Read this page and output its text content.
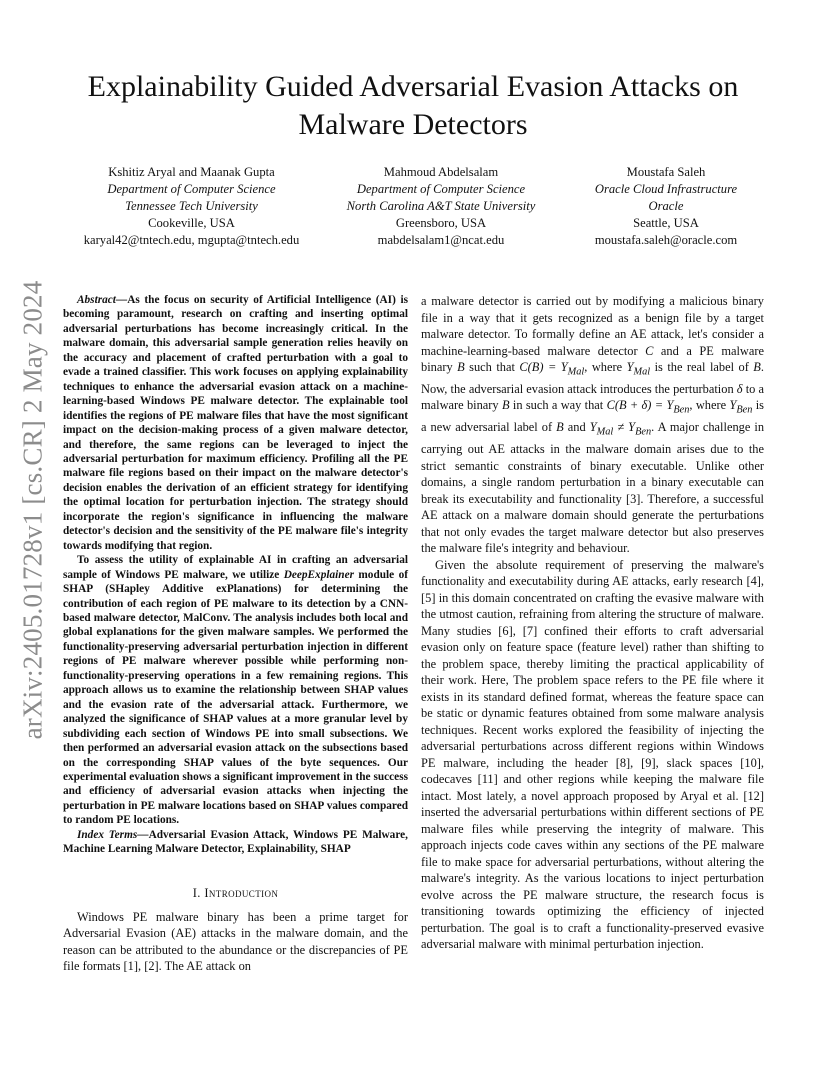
arXiv:2405.01728v1 [cs.CR] 2 May 2024
Explainability Guided Adversarial Evasion Attacks on Malware Detectors
Kshitiz Aryal and Maanak Gupta
Department of Computer Science
Tennessee Tech University
Cookeville, USA
karyal42@tntech.edu, mgupta@tntech.edu
Mahmoud Abdelsalam
Department of Computer Science
North Carolina A&T State University
Greensboro, USA
mabdelsalam1@ncat.edu
Moustafa Saleh
Oracle Cloud Infrastructure
Oracle
Seattle, USA
moustafa.saleh@oracle.com

Abstract—As the focus on security of Artificial Intelligence (AI) is becoming paramount, research on crafting and inserting optimal adversarial perturbations has become increasingly critical. In the malware domain, this adversarial sample generation relies heavily on the accuracy and placement of crafted perturbation with a goal to evade a trained classifier. This work focuses on applying explainability techniques to enhance the adversarial evasion attack on a machine-learning-based Windows PE malware detector. The explainable tool identifies the regions of PE malware files that have the most significant impact on the decision-making process of a given malware detector, and therefore, the same regions can be leveraged to inject the adversarial perturbation for maximum efficiency. Profiling all the PE malware file regions based on their impact on the malware detector's decision enables the derivation of an efficient strategy for identifying the optimal location for perturbation injection. The strategy should incorporate the region's significance in influencing the malware detector's decision and the sensitivity of the PE malware file's integrity towards modifying that region.

To assess the utility of explainable AI in crafting an adversarial sample of Windows PE malware, we utilize DeepExplainer module of SHAP (SHapley Additive exPlanations) for determining the contribution of each region of PE malware to its detection by a CNN-based malware detector, MalConv. The analysis includes both local and global explanations for the given malware samples. We performed the functionality-preserving adversarial perturbation injection in different regions of PE malware wherever possible while performing non-functionality-preserving operations in a few remaining regions. This approach allows us to examine the relationship between SHAP values and the evasion rate of the adversarial attack. Furthermore, we analyzed the significance of SHAP values at a more granular level by subdividing each section of Windows PE into small subsections. We then performed an adversarial evasion attack on the subsections based on the corresponding SHAP values of the byte sequences. Our experimental evaluation shows a significant improvement in the success and efficiency of adversarial evasion attacks when injecting the perturbation in PE malware locations based on SHAP values compared to random PE locations.

Index Terms—Adversarial Evasion Attack, Windows PE Malware, Machine Learning Malware Detector, Explainability, SHAP

I. Introduction

Windows PE malware binary has been a prime target for Adversarial Evasion (AE) attacks in the malware domain, and the reason can be attributed to the abundance or the discrepancies of PE file formats [1], [2]. The AE attack on

a malware detector is carried out by modifying a malicious binary file in a way that it gets recognized as a benign file by a target malware detector. To formally define an AE attack, let's consider a machine-learning-based malware detector C and a PE malware binary B such that $C(B) = Y_{Mal}$, where $Y_{Mal}$ is the real label of B. Now, the adversarial evasion attack introduces the perturbation δ to a malware binary B in such a way that $C(B + \delta) = Y_{Ben}$, where $Y_{Ben}$ is a new adversarial label of B and $Y_{Mal} \ne Y_{Ben}$. A major challenge in carrying out AE attacks in the malware domain arises due to the strict semantic constraints of binary executable. Unlike other domains, a single random perturbation in a binary executable can break its executability and functionality [3]. Therefore, a successful AE attack on a malware domain should generate the perturbations that not only evades the target malware detector but also preserves the malware file's integrity and behaviour.

Given the absolute requirement of preserving the malware's functionality and executability during AE attacks, early research [4], [5] in this domain concentrated on crafting the evasive malware with the utmost caution, refraining from altering the structure of malware. Many studies [6], [7] confined their efforts to craft adversarial evasion only on feature space (feature level) rather than shifting to the problem space, thereby limiting the practical applicability of their work. Here, The problem space refers to the PE file where it exists in its standard defined format, whereas the feature space can be static or dynamic features obtained from some malware analysis techniques. Recent works explored the feasibility of injecting the adversarial perturbations across different regions within Windows PE malware, including the header [8], [9], slack spaces [10], codecaves [11] and other regions while keeping the malware file intact. Most lately, a novel approach proposed by Aryal et al. [12] inserted the adversarial perturbations within different sections of PE malware files while preserving the integrity of malware. This approach injects code caves within any sections of the PE malware file to make space for adversarial perturbations, without altering the malware's integrity. As the various locations to inject perturbation evolve across the PE malware structure, the research focus is transitioning towards optimizing the efficiency of injected perturbation. The goal is to craft a functionality-preserved evasive adversarial malware with minimal perturbation injection.
